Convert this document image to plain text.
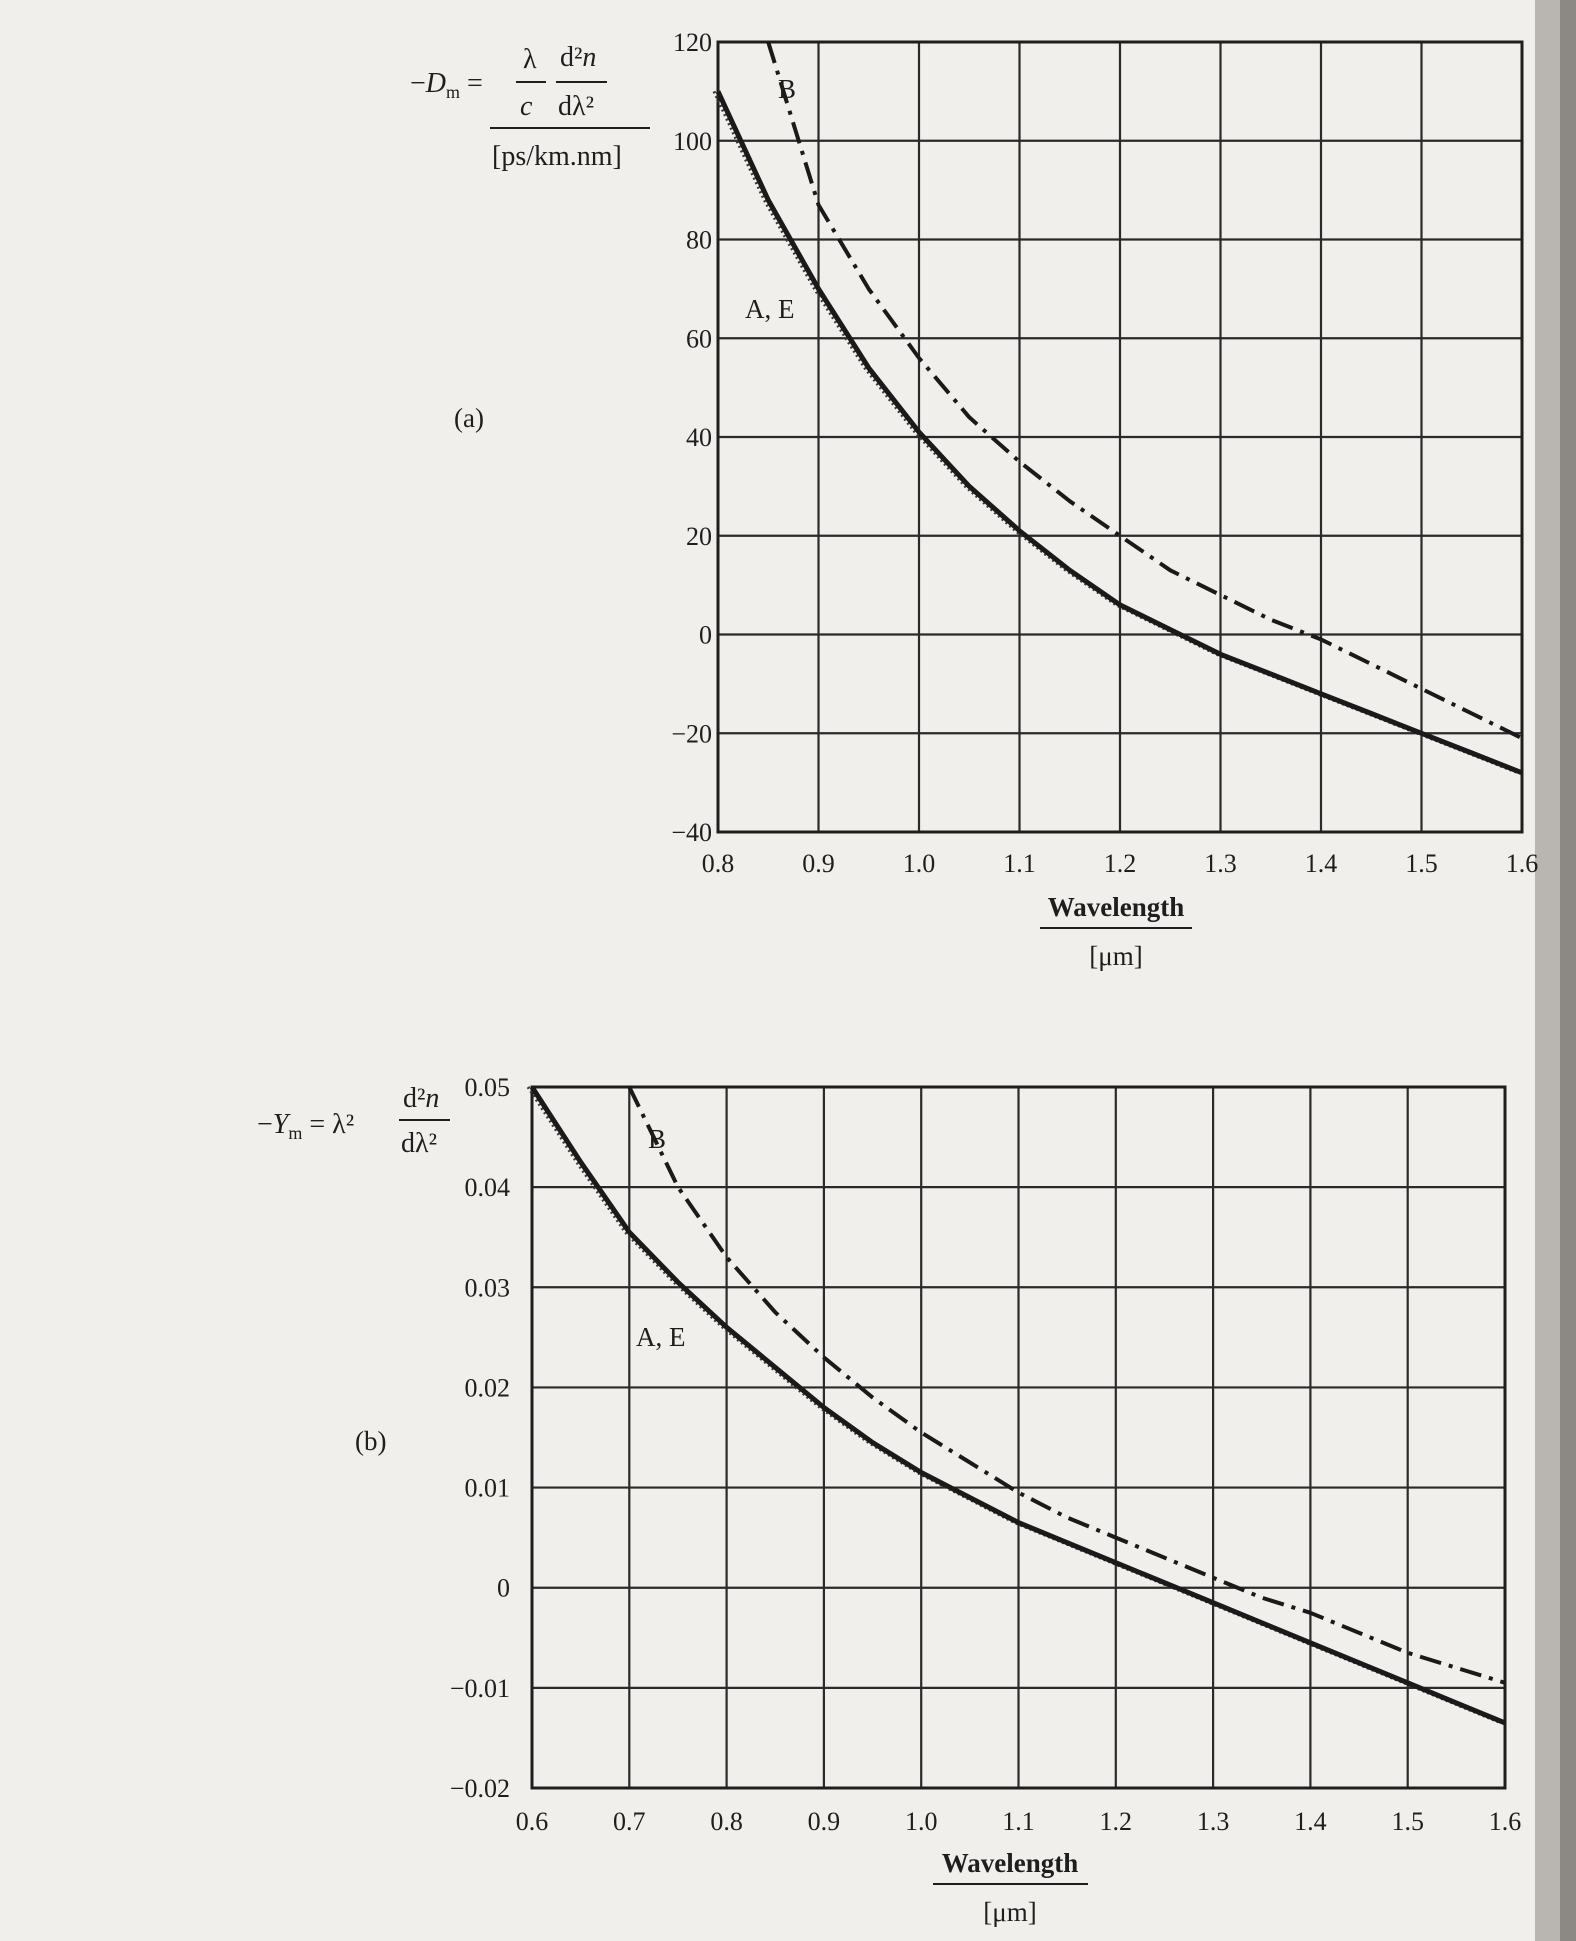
(a)
$-D_m$ =
λ
c
d²n
dλ²
[ps/km.nm]
0.8	0.9	1.0	1.1	1.2	1.3	1.4	1.5	1.6
120
100
80
60
40
20
0
−20
−40
B
A, E
Wavelength
[μm]
(b)
$-Y_m = \lambda^2$
d²n
dλ²
0.6 0.7 0.8 0.9 1.0 1.1 1.2 1.3 1.4 1.5 1.6
0.05
0.04
0.03
0.02
0.01
0
−0.01
−0.02
B
A, E
Wavelength
[μm]
